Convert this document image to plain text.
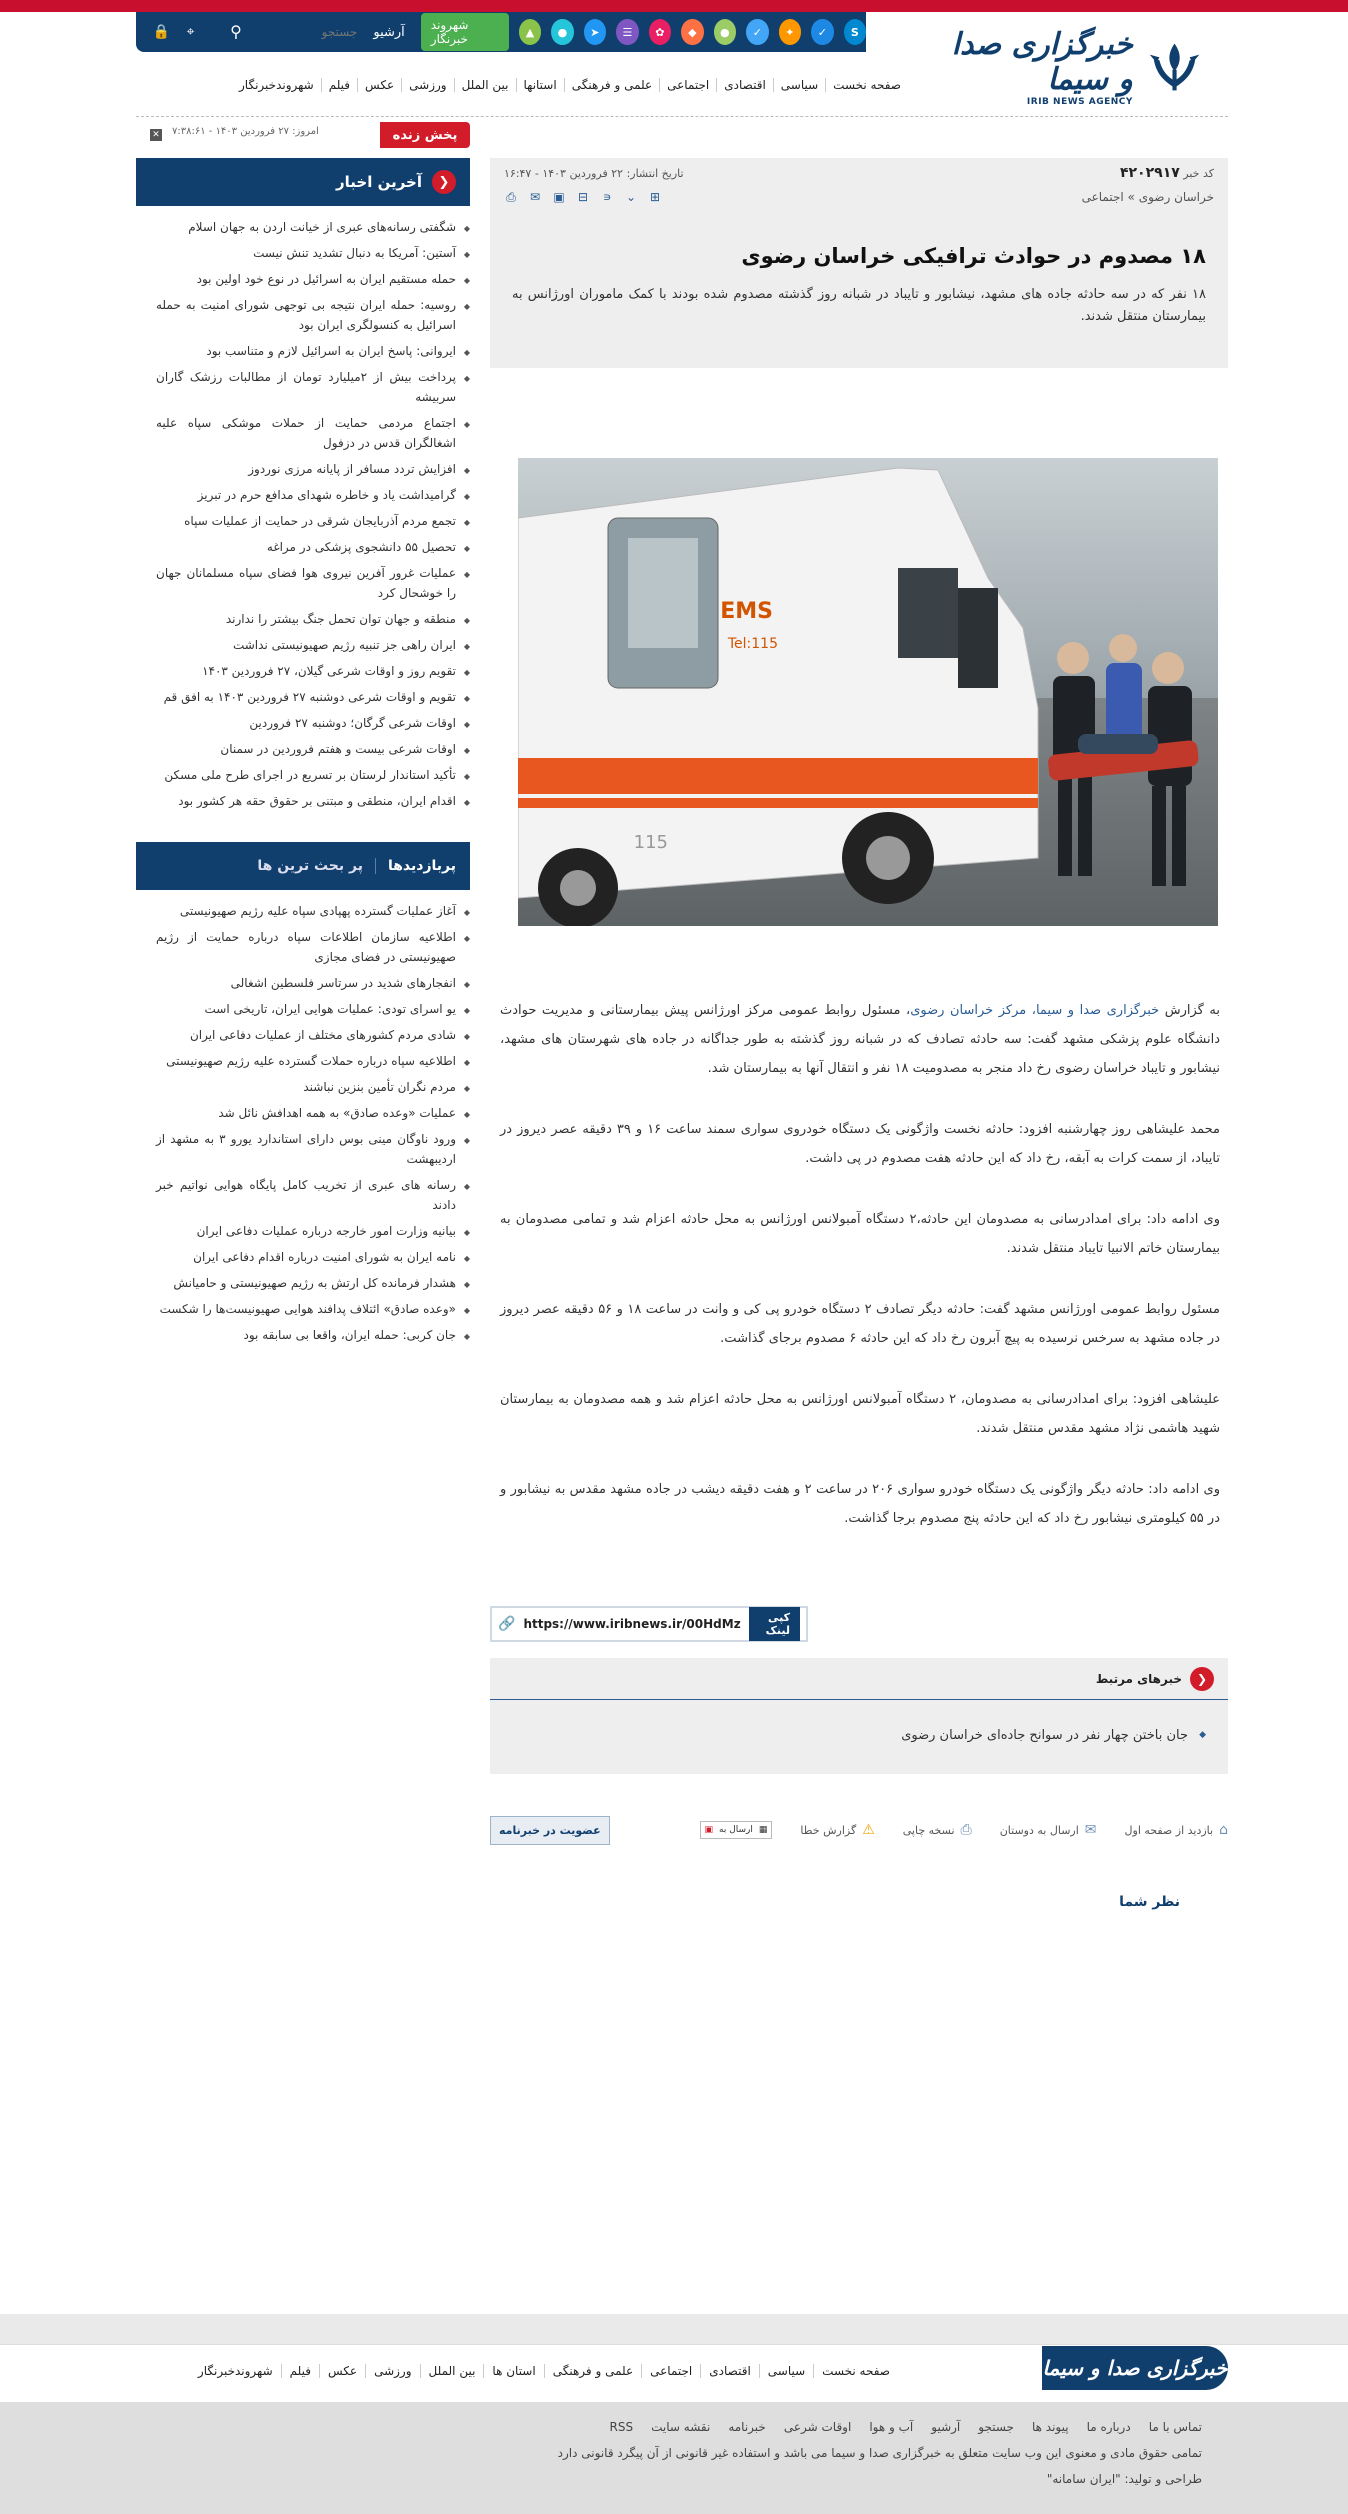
🔒	⌖	⚲
جستجو	آرشیو	شهروند خبرنگار	▲	●	➤	☰	✿	◆	●	✓	✦	✓	S	خبرگزاری صدا و سیما
IRIB NEWS AGENCY
صفحه نخست
سیاسی
اقتصادی
اجتماعی
علمی و فرهنگی
استانها
بین الملل
ورزشی
عکس
فیلم
شهروندخبرنگار
پخش زنده
✕ امروز: ۲۷ فروردین ۱۴۰۳ - ۷:۳۸:۶۱
❮
آخرین اخبار
◆ شگفتی رسانه‌های عبری از خیانت اردن به جهان اسلام
◆ آستین: آمریکا به دنبال تشدید تنش نیست
◆ حمله مستقیم ایران به اسرائیل در نوع خود اولین بود
◆ روسیه: حمله ایران نتیجه بی توجهی شورای امنیت به حمله اسرائیل به کنسولگری ایران بود
◆ ایروانی: پاسخ ایران به اسرائیل لازم و متناسب بود
◆ پرداخت بیش از ۲میلیارد تومان از مطالبات رزشک گاران سربیشه
◆ اجتماع مردمی حمایت از حملات موشکی سپاه علیه اشغالگران قدس در دزفول
◆ افزایش تردد مسافر از پایانه مرزی نوردوز
◆ گرامیداشت یاد و خاطره شهدای مدافع حرم در تبریز
◆ تجمع مردم آذربایجان شرقی در حمایت از عملیات سپاه
◆ تحصیل ۵۵ دانشجوی پزشکی در مراغه
◆ عملیات غرور آفرین نیروی هوا فضای سپاه مسلمانان جهان را خوشحال کرد
◆ منطقه و جهان توان تحمل جنگ بیشتر را ندارند
◆ ایران راهی جز تنبیه رژیم صهیونیستی نداشت
◆ تقویم روز و اوقات شرعی گیلان، ۲۷ فروردین ۱۴۰۳
◆ تقویم و اوقات شرعی دوشنبه ۲۷ فروردین ۱۴۰۳ به افق قم
◆ اوقات شرعی گرگان؛ دوشنبه ۲۷ فروردین
◆ اوقات شرعی بیست و هفتم فروردین در سمنان
◆ تأکید استاندار لرستان بر تسریع در اجرای طرح ملی مسکن
◆ اقدام ایران، منطقی و مبتنی بر حقوق حقه هر کشور بود
پربازدیدها
پر بحث ترین ها
◆ آغاز عملیات گسترده پهپادی سپاه علیه رژیم صهیونیستی
◆ اطلاعیه سازمان اطلاعات سپاه درباره حمایت از رژیم صهیونیستی در فضای مجازی
◆ انفجارهای شدید در سرتاسر فلسطین اشغالی
◆ یو اسرای تودی: عملیات هوایی ایران، تاریخی است
◆ شادی مردم کشورهای مختلف از عملیات دفاعی ایران
◆ اطلاعیه سپاه درباره حملات گسترده علیه رژیم صهیونیستی
◆ مردم نگران تأمین بنزین نباشند
◆ عملیات «وعده صادق» به همه اهدافش نائل شد
◆ ورود ناوگان مینی بوس دارای استاندارد یورو ۳ به مشهد از اردیبهشت
◆ رسانه های عبری از تخریب کامل پایگاه هوایی نواتیم خبر دادند
◆ بیانیه وزارت امور خارجه درباره عملیات دفاعی ایران
◆ نامه ایران به شورای امنیت درباره اقدام دفاعی ایران
◆ هشدار فرمانده کل ارتش به رژیم صهیونیستی و حامیانش
◆ «وعده صادق» ائتلاف پدافند هوایی صهیونیست‌ها را شکست
◆ جان کربی: حمله ایران، واقعا بی سابقه بود
کد خبر ۴۲۰۲۹۱۷
تاریخ انتشار: ۲۲ فروردین ۱۴۰۳ - ۱۶:۴۷
خراسان رضوی » اجتماعی
⎙ ✉ ▣ ⊟ ∍ ⌄ ⊞
۱۸ مصدوم در حوادث ترافیکی خراسان رضوی

۱۸ نفر که در سه حادثه جاده های مشهد، نیشابور و تایباد در شبانه روز گذشته مصدوم شده بودند با کمک ماموران اورژانس به بیمارستان منتقل شدند.

EMS
Tel:115
115

به گزارش خبرگزاری صدا و سیما، مرکز خراسان رضوی، مسئول روابط عمومی مرکز اورژانس پیش بیمارستانی و مدیریت حوادث دانشگاه علوم پزشکی مشهد گفت: سه حادثه تصادف که در شبانه روز گذشته به طور جداگانه در جاده های شهرستان های مشهد، نیشابور و تایباد خراسان رضوی رخ داد منجر به مصدومیت ۱۸ نفر و انتقال آنها به بیمارستان شد.

محمد علیشاهی روز چهارشنبه افزود: حادثه نخست واژگونی یک دستگاه خودروی سواری سمند ساعت ۱۶ و ۳۹ دقیقه عصر دیروز در تایباد، از سمت کرات به آبقه، رخ داد که این حادثه هفت مصدوم در پی داشت.

وی ادامه داد: برای امدادرسانی به مصدومان این حادثه،۲ دستگاه آمبولانس اورژانس به محل حادثه اعزام شد و تمامی مصدومان به بیمارستان خاتم الانبیا تایباد منتقل شدند.

مسئول روابط عمومی اورژانس مشهد گفت: حادثه دیگر تصادف ۲ دستگاه خودرو پی کی و وانت در ساعت ۱۸ و ۵۶ دقیقه عصر دیروز در جاده مشهد به سرخس نرسیده به پیچ آبرون رخ داد که این حادثه ۶ مصدوم برجای گذاشت.

علیشاهی افزود: برای امدادرسانی به مصدومان، ۲ دستگاه آمبولانس اورژانس به محل حادثه اعزام شد و همه مصدومان به بیمارستان شهید هاشمی نژاد مشهد مقدس منتقل شدند.

وی ادامه داد: حادثه دیگر واژگونی یک دستگاه خودرو سواری ۲۰۶ در ساعت ۲ و هفت دقیقه دیشب در جاده مشهد مقدس به نیشابور و در ۵۵ کیلومتری نیشابور رخ داد که این حادثه پنج مصدوم برجا گذاشت.

کپی لینک
https://www.iribnews.ir/00HdMz
🔗
❮
خبرهای مرتبط
◆ جان باختن چهار نفر در سوانح جاده‌ای خراسان رضوی
⌂
بازدید از صفحه اول
✉
ارسال به دوستان
⎙
نسخه چاپی
⚠
گزارش خطا
▣ ارسال به ▦
عضویت در خبرنامه
نظر شما
خبرگزاری صدا و سیما
صفحه نخست
سیاسی
اقتصادی
اجتماعی
علمی و فرهنگی
استان ها
بین الملل
ورزشی
عکس
فیلم
شهروندخبرنگار
تماس با ما
درباره ما
پیوند ها
جستجو
آرشیو
آب و هوا
اوقات شرعی
خبرنامه
نقشه سایت
RSS
تمامی حقوق مادی و معنوی این وب سایت متعلق به خبرگزاری صدا و سیما می باشد و استفاده غیر قانونی از آن پیگرد قانونی دارد
طراحی و تولید: "ایران سامانه"
